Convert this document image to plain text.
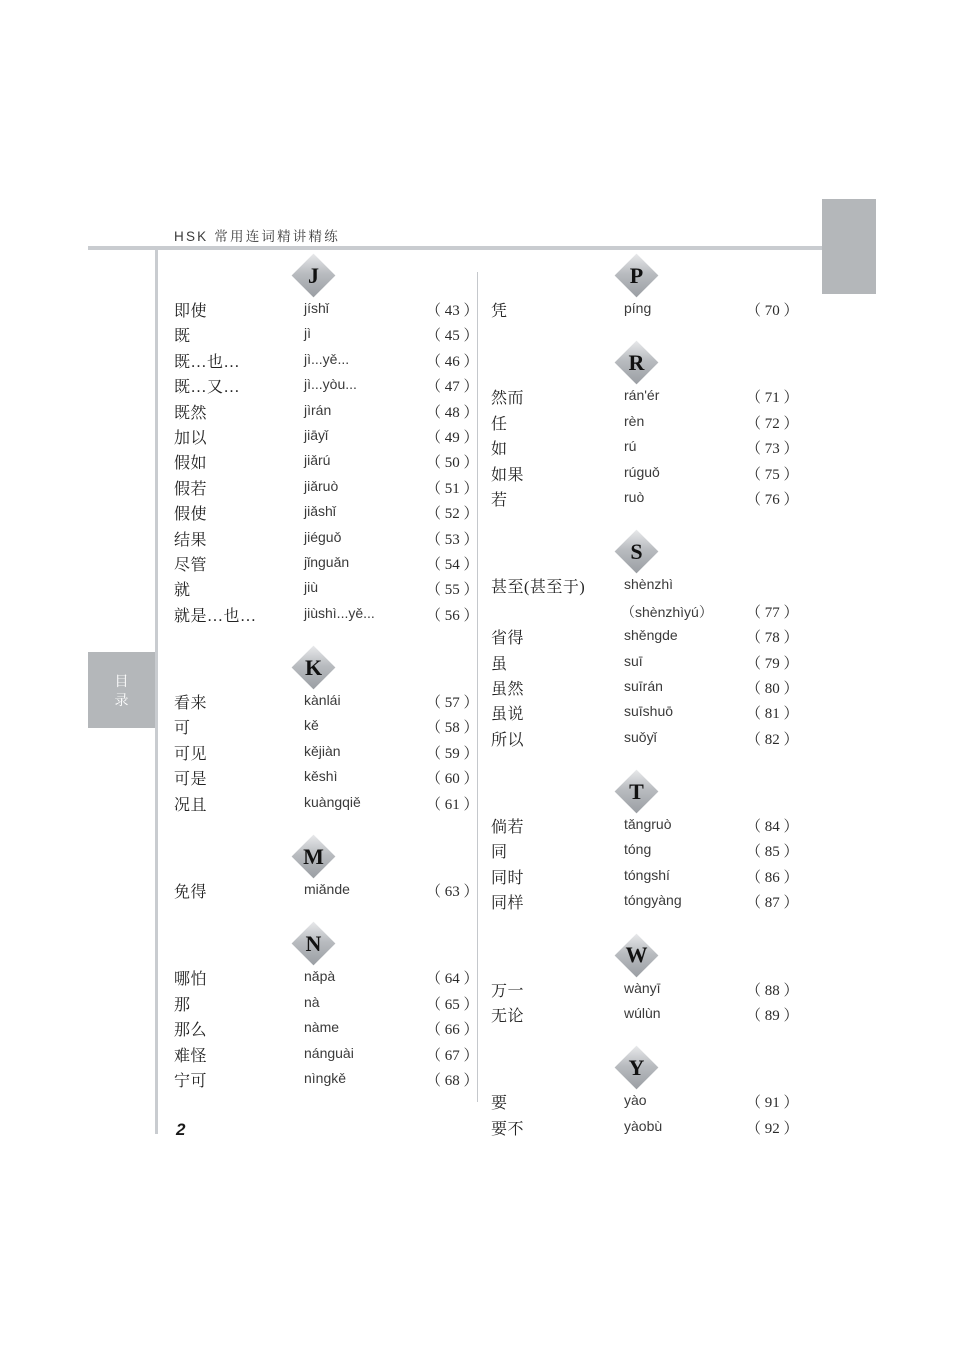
HSK 常用连词精讲精练
目
录
J
即使	jíshǐ	（ 43 ）
既	jì	（ 45 ）
既…也…	jì...yě...	（ 46 ）
既…又…	jì...yòu...	（ 47 ）
既然	jìrán	（ 48 ）
加以	jiāyǐ	（ 49 ）
假如	jiǎrú	（ 50 ）
假若	jiǎruò	（ 51 ）
假使	jiǎshǐ	（ 52 ）
结果	jiéguǒ	（ 53 ）
尽管	jǐnguǎn	（ 54 ）
就	jiù	（ 55 ）
就是…也…	jiùshì...yě...	（ 56 ）
K
看来	kànlái	（ 57 ）
可	kě	（ 58 ）
可见	kějiàn	（ 59 ）
可是	kěshì	（ 60 ）
况且	kuàngqiě	（ 61 ）
M
免得	miǎnde	（ 63 ）
N
哪怕	nǎpà	（ 64 ）
那	nà	（ 65 ）
那么	nàme	（ 66 ）
难怪	nánguài	（ 67 ）
宁可	nìngkě	（ 68 ）
P
凭	píng	（ 70 ）
R
然而	rán'ér	（ 71 ）
任	rèn	（ 72 ）
如	rú	（ 73 ）
如果	rúguǒ	（ 75 ）
若	ruò	（ 76 ）
S
甚至(甚至于)	shènzhì
（shènzhìyú） （ 77 ）
省得	shěngde	（ 78 ）
虽	suī	（ 79 ）
虽然	suīrán	（ 80 ）
虽说	suīshuō	（ 81 ）
所以	suǒyǐ	（ 82 ）
T
倘若	tǎngruò	（ 84 ）
同	tóng	（ 85 ）
同时	tóngshí	（ 86 ）
同样	tóngyàng	（ 87 ）
W
万一	wànyī	（ 88 ）
无论	wúlùn	（ 89 ）
Y
要	yào	（ 91 ）
要不	yàobù	（ 92 ）
2
